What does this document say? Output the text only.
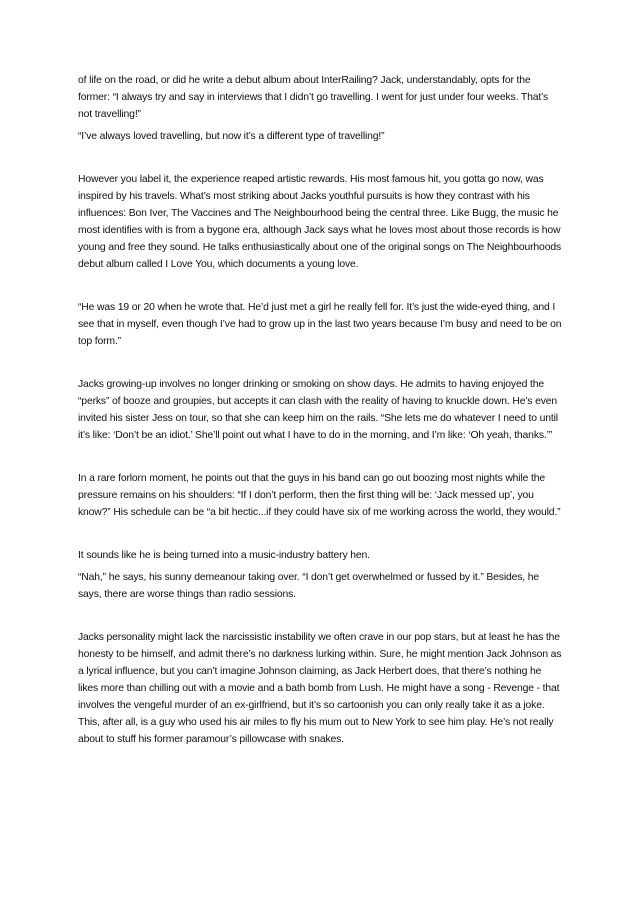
of life on the road, or did he write a debut album about InterRailing? Jack, understandably, opts for the former: “I always try and say in interviews that I didn’t go travelling. I went for just under four weeks. That’s not travelling!”

“I’ve always loved travelling, but now it’s a different type of travelling!”

However you label it, the experience reaped artistic rewards. His most famous hit, you gotta go now, was inspired by his travels. What’s most striking about Jacks youthful pursuits is how they contrast with his influences: Bon Iver, The Vaccines and The Neighbourhood being the central three. Like Bugg, the music he most identifies with is from a bygone era, although Jack says what he loves most about those records is how young and free they sound. He talks enthusiastically about one of the original songs on The Neighbourhoods debut album called I Love You, which documents a young love.

“He was 19 or 20 when he wrote that. He’d just met a girl he really fell for. It’s just the wide-eyed thing, and I see that in myself, even though I’ve had to grow up in the last two years because I’m busy and need to be on top form.”

Jacks growing-up involves no longer drinking or smoking on show days. He admits to having enjoyed the “perks” of booze and groupies, but accepts it can clash with the reality of having to knuckle down. He’s even invited his sister Jess on tour, so that she can keep him on the rails. “She lets me do whatever I need to until it’s like: ‘Don’t be an idiot.’ She’ll point out what I have to do in the morning, and I’m like: ‘Oh yeah, thanks.’”

In a rare forlorn moment, he points out that the guys in his band can go out boozing most nights while the pressure remains on his shoulders: “If I don’t perform, then the first thing will be: ‘Jack messed up’, you know?” His schedule can be “a bit hectic...if they could have six of me working across the world, they would.”

It sounds like he is being turned into a music-industry battery hen.

“Nah,” he says, his sunny demeanour taking over. “I don’t get overwhelmed or fussed by it.” Besides, he says, there are worse things than radio sessions.

Jacks personality might lack the narcissistic instability we often crave in our pop stars, but at least he has the honesty to be himself, and admit there’s no darkness lurking within. Sure, he might mention Jack Johnson as a lyrical influence, but you can’t imagine Johnson claiming, as Jack Herbert does, that there’s nothing he likes more than chilling out with a movie and a bath bomb from Lush. He might have a song - Revenge - that involves the vengeful murder of an ex-girlfriend, but it’s so cartoonish you can only really take it as a joke. This, after all, is a guy who used his air miles to fly his mum out to New York to see him play. He’s not really about to stuff his former paramour’s pillowcase with snakes.
